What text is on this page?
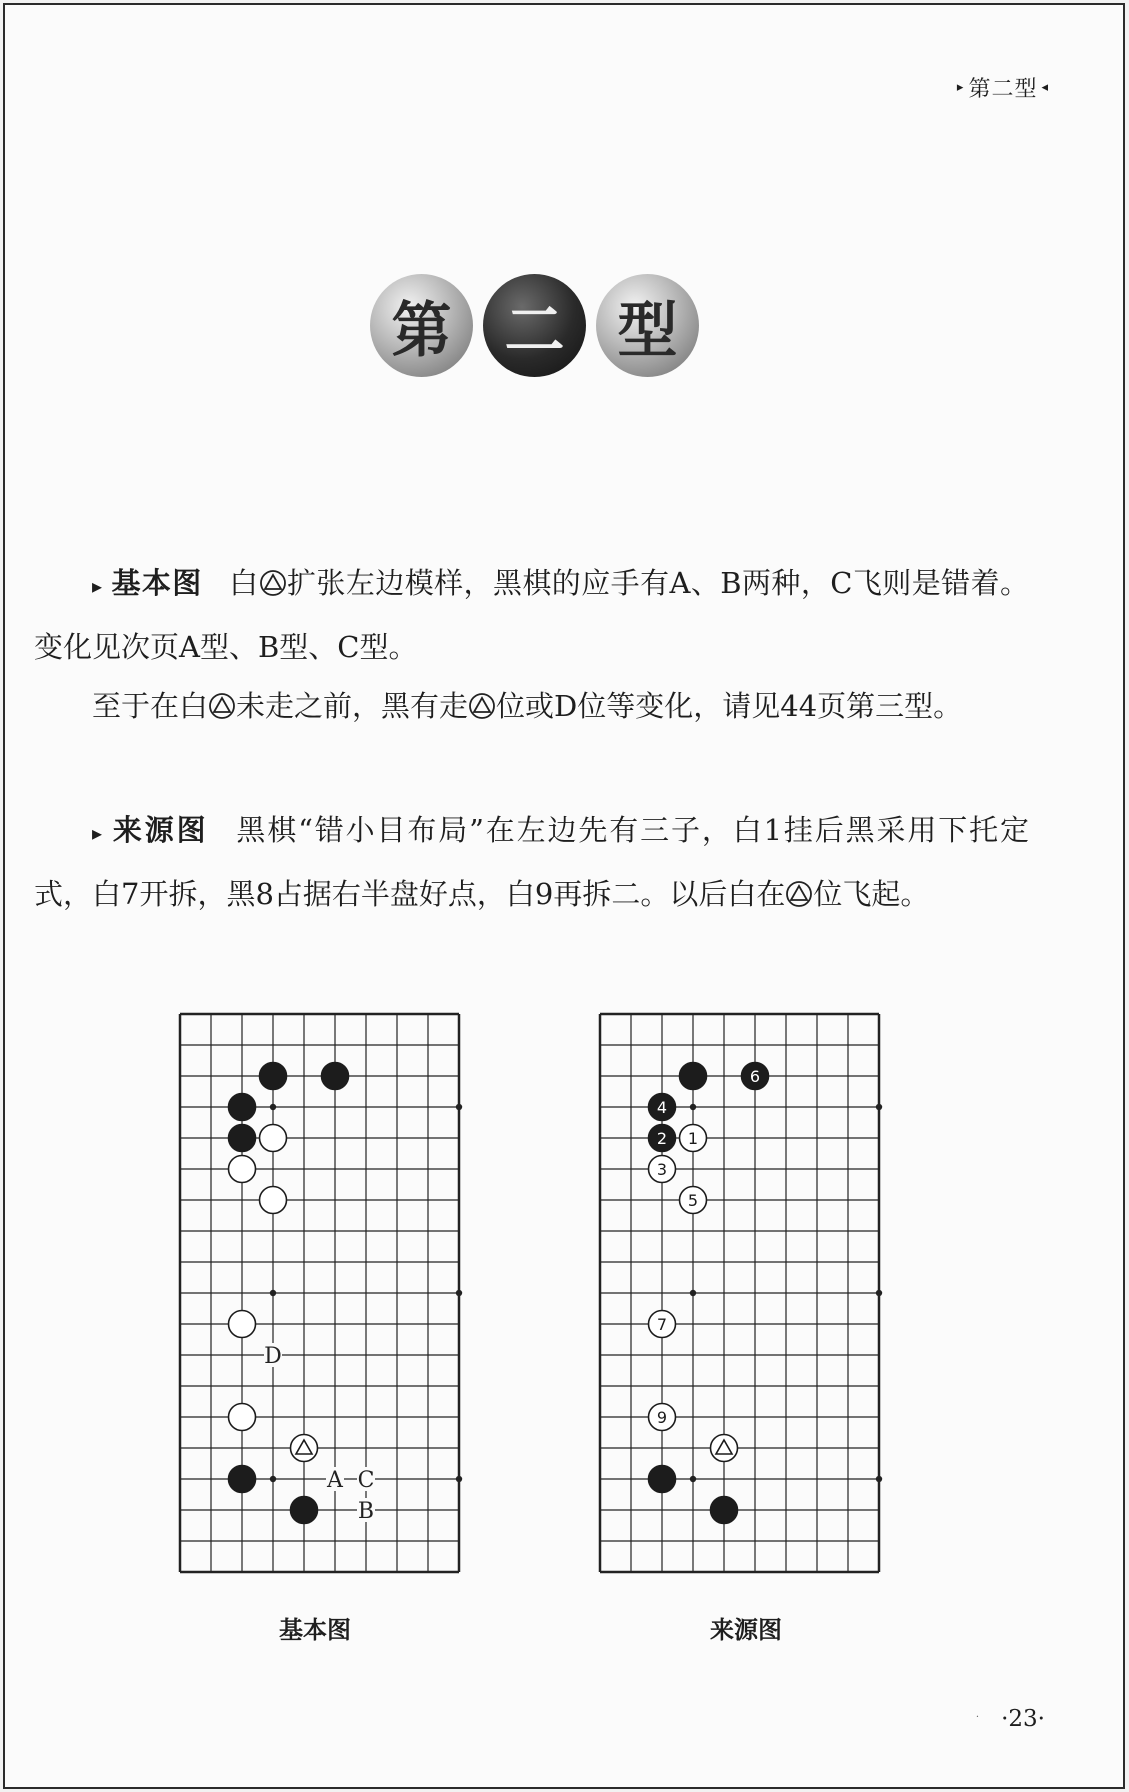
▸ 第二型 ◂
第 二 型

▸ 基本图 白 扩张左边模样，黑棋的应手有A、B两种，C飞则是错着。变化见次页A型、B型、C型。

至于在白 未走之前，黑有走 位或D位等变化，请见44页第三型。

▸ 来源图 黑棋“错小目布局”在左边先有三子，白1挂后黑采用下托定式，白7开拆，黑8占据右半盘好点，白9再拆二。以后白在 位飞起。

D
A C
B
6
4
2 1
3
5
7
9
基本图	来源图
· ·23·
